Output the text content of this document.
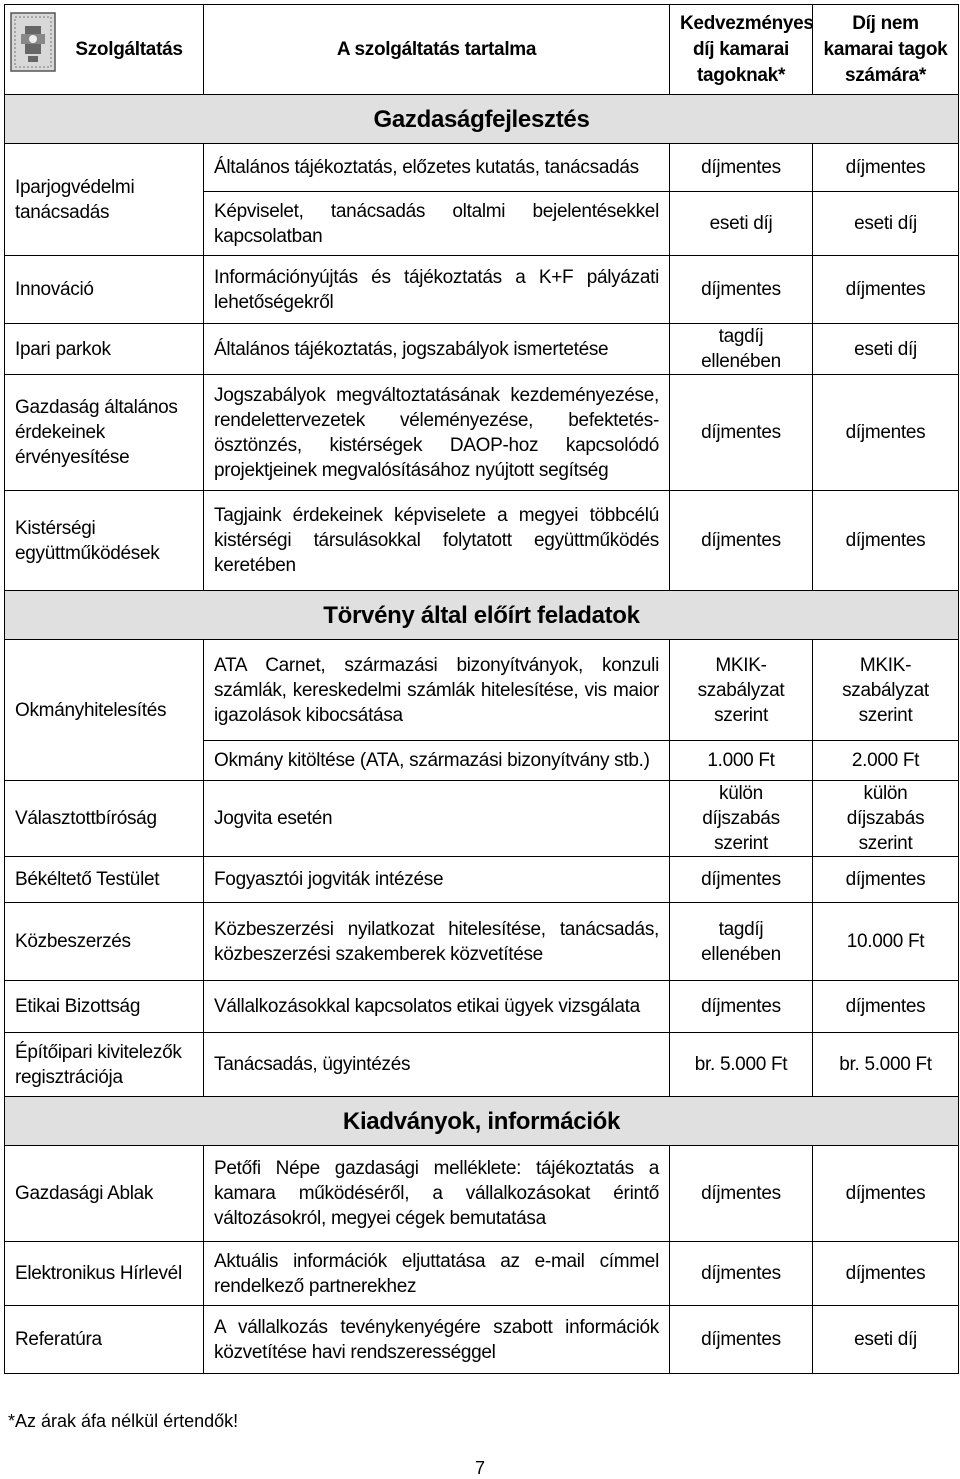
Szolgáltatás	A szolgáltatás tartalma	Kedvezményes díj kamarai tagoknak*	Díj nem kamarai tagok számára*
Gazdaságfejlesztés			
Iparjogvédelmi tanácsadás	Általános tájékoztatás, előzetes kutatás, tanácsadás	díjmentes	díjmentes
	Képviselet, tanácsadás oltalmi bejelentésekkel kapcsolatban	eseti díj	eseti díj
Innováció	Információnyújtás és tájékoztatás a K+F pályázati lehetőségekről	díjmentes	díjmentes
Ipari parkok	Általános tájékoztatás, jogszabályok ismertetése	tagdíj ellenében	eseti díj
Gazdaság általános érdekeinek érvényesítése	Jogszabályok megváltoztatásának kezdeményezése, rendelettervezetek véleményezése, befektetés-ösztönzés, kistérségek DAOP-hoz kapcsolódó projektjeinek megvalósításához nyújtott segítség	díjmentes	díjmentes
Kistérségi együttműködések	Tagjaink érdekeinek képviselete a megyei többcélú kistérségi társulásokkal folytatott együttműködés keretében	díjmentes	díjmentes
Törvény által előírt feladatok			
Okmányhitelesítés	ATA Carnet, származási bizonyítványok, konzuli számlák, kereskedelmi számlák hitelesítése, vis maior igazolások kibocsátása	MKIK-szabályzat szerint	MKIK-szabályzat szerint
	Okmány kitöltése (ATA, származási bizonyítvány stb.)	1.000 Ft	2.000 Ft
Választottbíróság	Jogvita esetén	külön díjszabás szerint	külön díjszabás szerint
Békéltető Testület	Fogyasztói jogviták intézése	díjmentes	díjmentes
Közbeszerzés	Közbeszerzési nyilatkozat hitelesítése, tanácsadás, közbeszerzési szakemberek közvetítése	tagdíj ellenében	10.000 Ft
Etikai Bizottság	Vállalkozásokkal kapcsolatos etikai ügyek vizsgálata	díjmentes	díjmentes
Építőipari kivitelezők regisztrációja	Tanácsadás, ügyintézés	br. 5.000 Ft	br. 5.000 Ft
Kiadványok, információk			
Gazdasági Ablak	Petőfi Népe gazdasági melléklete: tájékoztatás a kamara működéséről, a vállalkozásokat érintő változásokról, megyei cégek bemutatása	díjmentes	díjmentes
Elektronikus Hírlevél	Aktuális információk eljuttatása az e-mail címmel rendelkező partnerekhez	díjmentes	díjmentes
Referatúra	A vállalkozás tevénykenyégére szabott információk közvetítése havi rendszerességgel	díjmentes	eseti díj
*Az árak áfa nélkül értendők!
7
